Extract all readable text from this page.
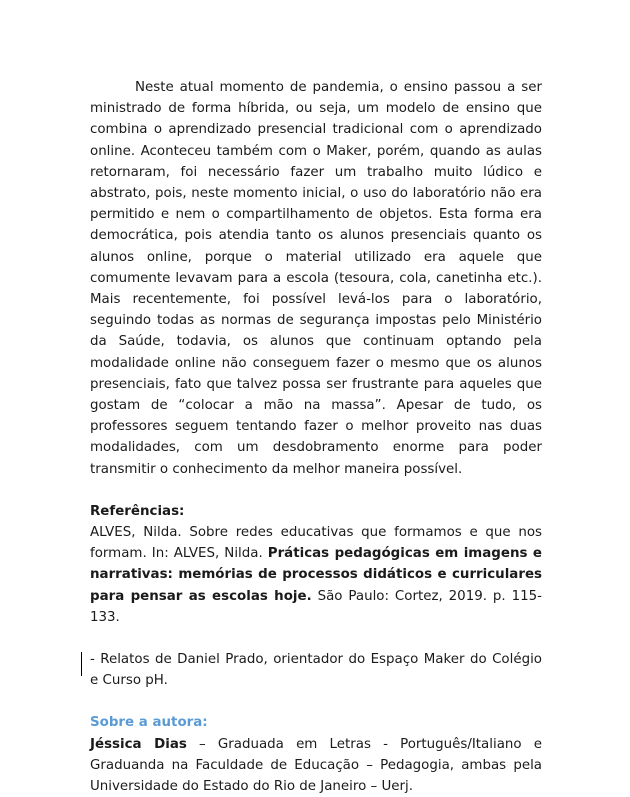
Neste atual momento de pandemia, o ensino passou a ser ministrado de forma híbrida, ou seja, um modelo de ensino que combina o aprendizado presencial tradicional com o aprendizado online. Aconteceu também com o Maker, porém, quando as aulas retornaram, foi necessário fazer um trabalho muito lúdico e abstrato, pois, neste momento inicial, o uso do laboratório não era permitido e nem o compartilhamento de objetos. Esta forma era democrática, pois atendia tanto os alunos presenciais quanto os alunos online, porque o material utilizado era aquele que comumente levavam para a escola (tesoura, cola, canetinha etc.). Mais recentemente, foi possível levá-los para o laboratório, seguindo todas as normas de segurança impostas pelo Ministério da Saúde, todavia, os alunos que continuam optando pela modalidade online não conseguem fazer o mesmo que os alunos presenciais, fato que talvez possa ser frustrante para aqueles que gostam de “colocar a mão na massa”. Apesar de tudo, os professores seguem tentando fazer o melhor proveito nas duas modalidades, com um desdobramento enorme para poder transmitir o conhecimento da melhor maneira possível.

Referências:

ALVES, Nilda. Sobre redes educativas que formamos e que nos formam. In: ALVES, Nilda. Práticas pedagógicas em imagens e narrativas: memórias de processos didáticos e curriculares para pensar as escolas hoje. São Paulo: Cortez, 2019. p. 115-133.

- Relatos de Daniel Prado, orientador do Espaço Maker do Colégio e Curso pH.

Sobre a autora:

Jéssica Dias – Graduada em Letras - Português/Italiano e Graduanda na Faculdade de Educação – Pedagogia, ambas pela Universidade do Estado do Rio de Janeiro – Uerj.
